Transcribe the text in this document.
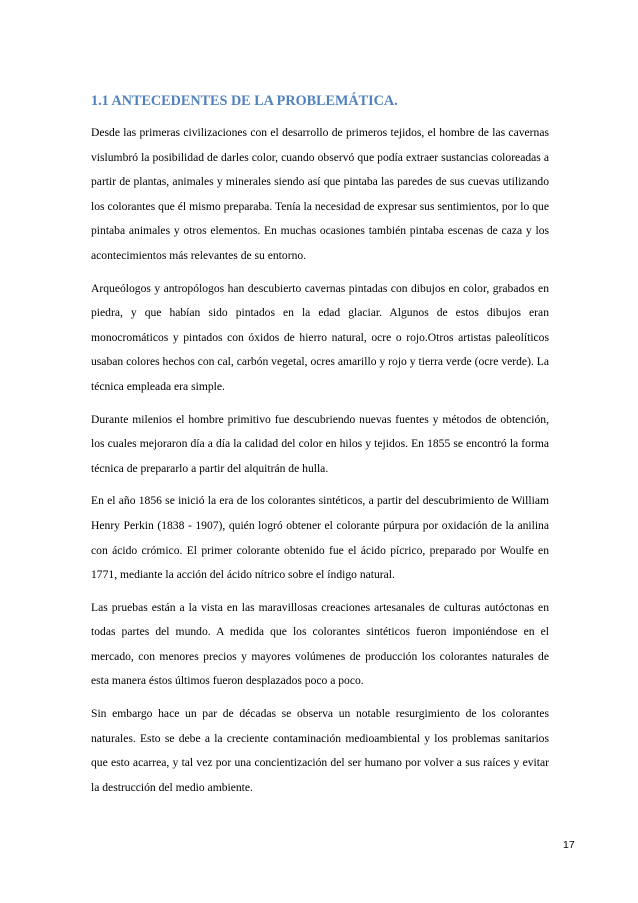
1.1 ANTECEDENTES DE LA PROBLEMÁTICA.

Desde las primeras civilizaciones con el desarrollo de primeros tejidos, el hombre de las cavernas vislumbró la posibilidad de darles color, cuando observó que podía extraer sustancias coloreadas a partir de plantas, animales y minerales siendo así que pintaba las paredes de sus cuevas utilizando los colorantes que él mismo preparaba. Tenía la necesidad de expresar sus sentimientos, por lo que pintaba animales y otros elementos. En muchas ocasiones también pintaba escenas de caza y los acontecimientos más relevantes de su entorno.

Arqueólogos y antropólogos han descubierto cavernas pintadas con dibujos en color, grabados en piedra, y que habían sido pintados en la edad glaciar. Algunos de estos dibujos eran monocromáticos y pintados con óxidos de hierro natural, ocre o rojo.Otros artistas paleolíticos usaban colores hechos con cal, carbón vegetal, ocres amarillo y rojo y tierra verde (ocre verde). La técnica empleada era simple.

Durante milenios el hombre primitivo fue descubriendo nuevas fuentes y métodos de obtención, los cuales mejoraron día a día la calidad del color en hilos y tejidos. En 1855 se encontró la forma técnica de prepararlo a partir del alquitrán de hulla.

En el año 1856 se inició la era de los colorantes sintéticos, a partir del descubrimiento de William Henry Perkin (1838 - 1907), quién logró obtener el colorante púrpura por oxidación de la anilina con ácido crómico. El primer colorante obtenido fue el ácido pícrico, preparado por Woulfe en 1771, mediante la acción del ácido nítrico sobre el índigo natural.

Las pruebas están a la vista en las maravillosas creaciones artesanales de culturas autóctonas en todas partes del mundo. A medida que los colorantes sintéticos fueron imponiéndose en el mercado, con menores precios y mayores volúmenes de producción los colorantes naturales de esta manera éstos últimos fueron desplazados poco a poco.

Sin embargo hace un par de décadas se observa un notable resurgimiento de los colorantes naturales. Esto se debe a la creciente contaminación medioambiental y los problemas sanitarios que esto acarrea, y tal vez por una concientización del ser humano por volver a sus raíces y evitar la destrucción del medio ambiente.

17
